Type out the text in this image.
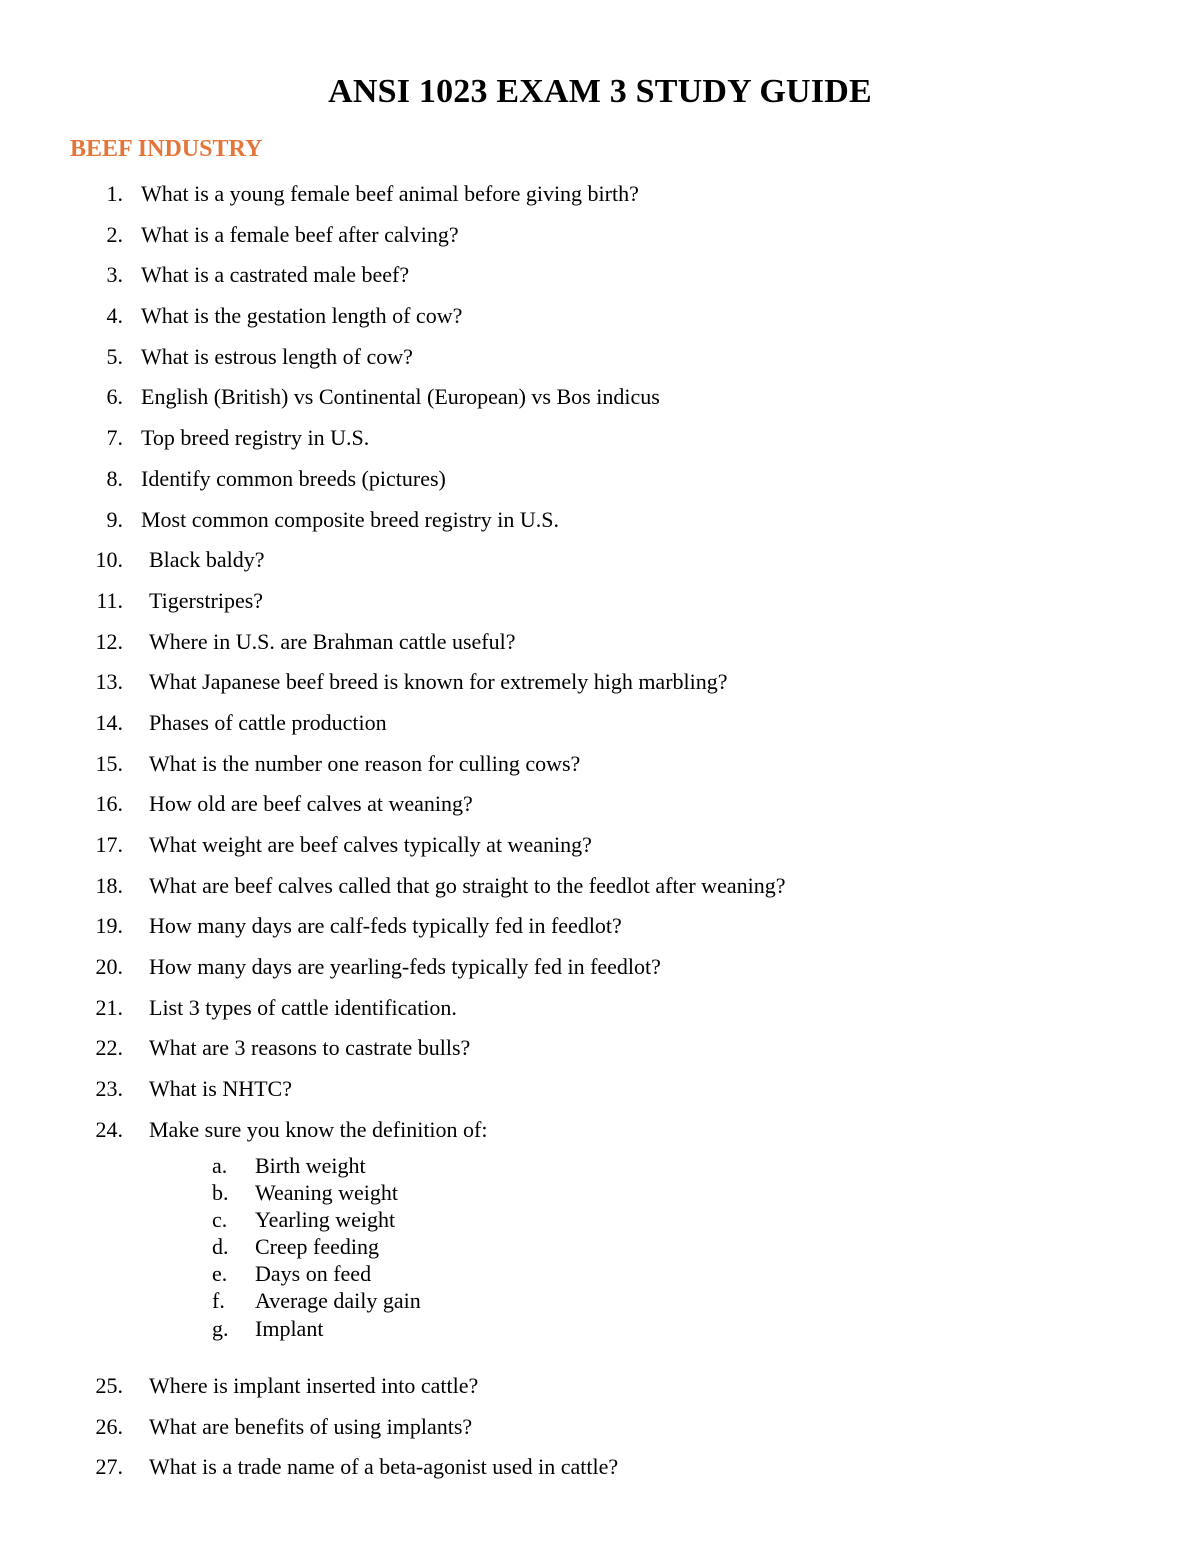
ANSI 1023 EXAM 3 STUDY GUIDE
BEEF INDUSTRY
1. What is a young female beef animal before giving birth?
2. What is a female beef after calving?
3. What is a castrated male beef?
4. What is the gestation length of cow?
5. What is estrous length of cow?
6. English (British) vs Continental (European) vs Bos indicus
7. Top breed registry in U.S.
8. Identify common breeds (pictures)
9. Most common composite breed registry in U.S.
10. Black baldy?
11. Tigerstripes?
12. Where in U.S. are Brahman cattle useful?
13. What Japanese beef breed is known for extremely high marbling?
14. Phases of cattle production
15. What is the number one reason for culling cows?
16. How old are beef calves at weaning?
17. What weight are beef calves typically at weaning?
18. What are beef calves called that go straight to the feedlot after weaning?
19. How many days are calf-feds typically fed in feedlot?
20. How many days are yearling-feds typically fed in feedlot?
21. List 3 types of cattle identification.
22. What are 3 reasons to castrate bulls?
23. What is NHTC?
24. Make sure you know the definition of:
a. Birth weight
b. Weaning weight
c. Yearling weight
d. Creep feeding
e. Days on feed
f. Average daily gain
g. Implant
25. Where is implant inserted into cattle?
26. What are benefits of using implants?
27. What is a trade name of a beta-agonist used in cattle?
